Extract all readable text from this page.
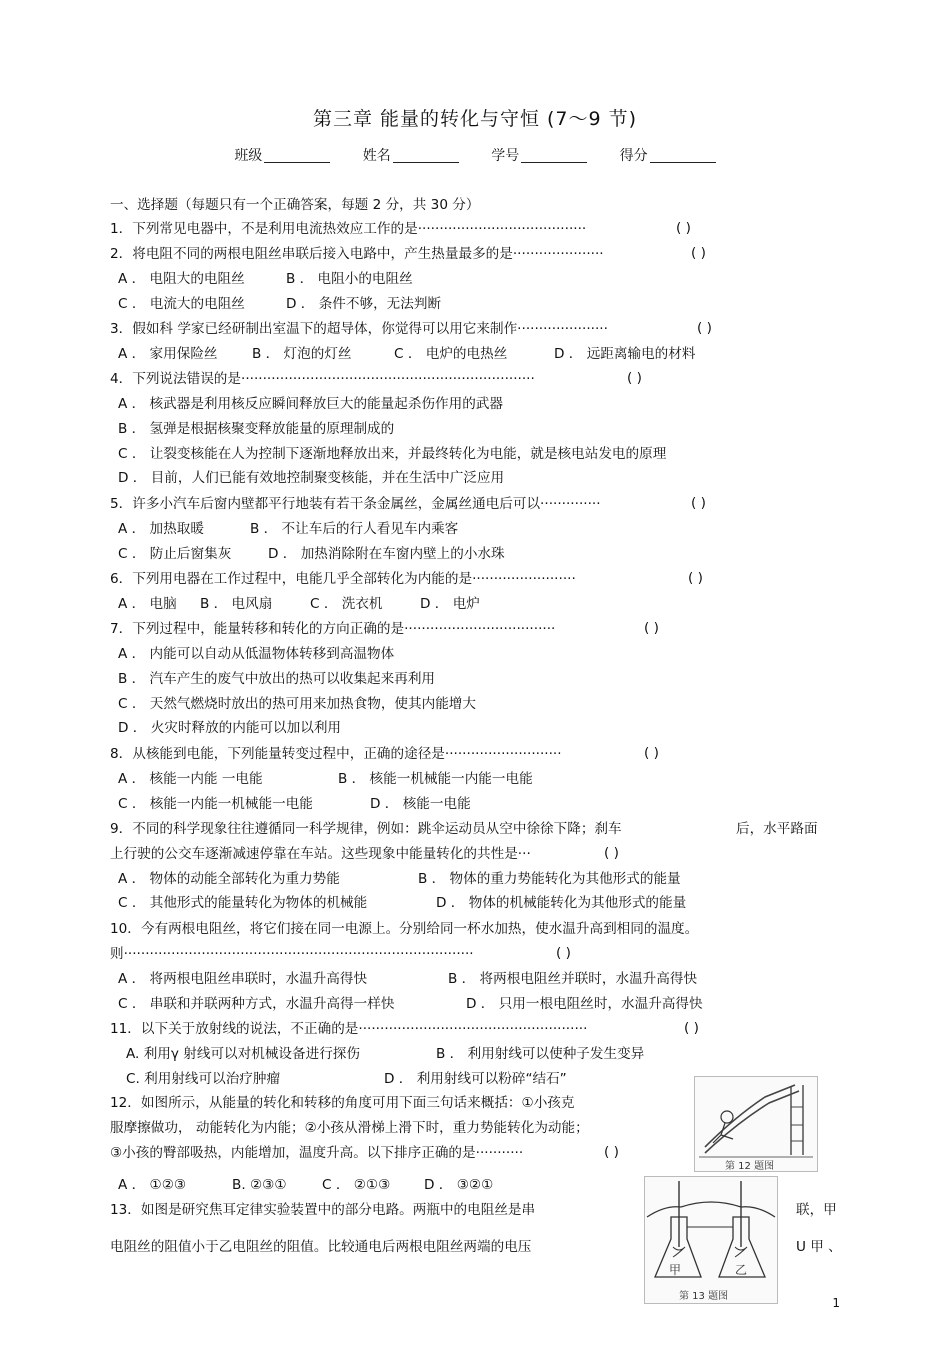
第三章 能量的转化与守恒 (7～9 节)
班级	姓名	学号	得分
一、选择题（每题只有一个正确答案，每题 2 分，共 30 分）
1．下列常见电器中，不是利用电流热效应工作的是·······································	( )
2．将电阻不同的两根电阻丝串联后接入电路中，产生热量最多的是·····················	( )
A ． 电阻大的电阻丝	B ． 电阻小的电阻丝
C ． 电流大的电阻丝	D ． 条件不够，无法判断
3．假如科 学家已经研制出室温下的超导体，你觉得可以用它来制作·····················	( )
A ． 家用保险丝	B ． 灯泡的灯丝	C ． 电炉的电热丝	D ． 远距离输电的材料
4．下列说法错误的是····································································	( )
A ． 核武器是利用核反应瞬间释放巨大的能量起杀伤作用的武器
B ． 氢弹是根据核聚变释放能量的原理制成的
C ． 让裂变核能在人为控制下逐渐地释放出来，并最终转化为电能，就是核电站发电的原理
D ． 目前，人们已能有效地控制聚变核能，并在生活中广泛应用
5．许多小汽车后窗内壁都平行地装有若干条金属丝，金属丝通电后可以··············	( )
A ． 加热取暖	B ． 不让车后的行人看见车内乘客
C ． 防止后窗集灰	D ． 加热消除附在车窗内壁上的小水珠
6．下列用电器在工作过程中，电能几乎全部转化为内能的是························	( )
A ． 电脑 B ． 电风扇	C ． 洗衣机	D ． 电炉
7．下列过程中，能量转移和转化的方向正确的是···································	( )
A ． 内能可以自动从低温物体转移到高温物体
B ． 汽车产生的废气中放出的热可以收集起来再利用
C ． 天然气燃烧时放出的热可用来加热食物，使其内能增大
D ． 火灾时释放的内能可以加以利用
8．从核能到电能，下列能量转变过程中，正确的途径是···························	( )
A ． 核能一内能 一电能	B ． 核能一机械能一内能一电能
C ． 核能一内能一机械能一电能	D ． 核能一电能
9．不同的科学现象往往遵循同一科学规律，例如：跳伞运动员从空中徐徐下降；刹车	后，水平路面
上行驶的公交车逐渐减速停靠在车站。这些现象中能量转化的共性是···	( )
A ． 物体的动能全部转化为重力势能	B ． 物体的重力势能转化为其他形式的能量
C ． 其他形式的能量转化为物体的机械能	D ． 物体的机械能转化为其他形式的能量
10．今有两根电阻丝，将它们接在同一电源上。分别给同一杯水加热，使水温升高到相同的温度。
则·················································································	( )
A ． 将两根电阻丝串联时，水温升高得快	B ． 将两根电阻丝并联时，水温升高得快
C ． 串联和并联两种方式，水温升高得一样快	D ． 只用一根电阻丝时，水温升高得快
11．以下关于放射线的说法，不正确的是·····················································	( )
A. 利用γ 射线可以对机械设备进行探伤	B ． 利用射线可以使种子发生变异
C. 利用射线可以治疗肿瘤	D ． 利用射线可以粉碎“结石”
第 12 题图
12．如图所示，从能量的转化和转移的角度可用下面三句话来概括：①小孩克
服摩擦做功， 动能转化为内能；②小孩从滑梯上滑下时，重力势能转化为动能；
③小孩的臀部吸热，内能增加，温度升高。以下排序正确的是···········	( )
A ． ①②③	B. ②③①	C ． ②①③ D ． ③②①
甲	乙
第 13 题图
13．如图是研究焦耳定律实验装置中的部分电路。两瓶中的电阻丝是串	联，甲
电阻丝的阻值小于乙电阻丝的阻值。比较通电后两根电阻丝两端的电压	U 甲 、
1
